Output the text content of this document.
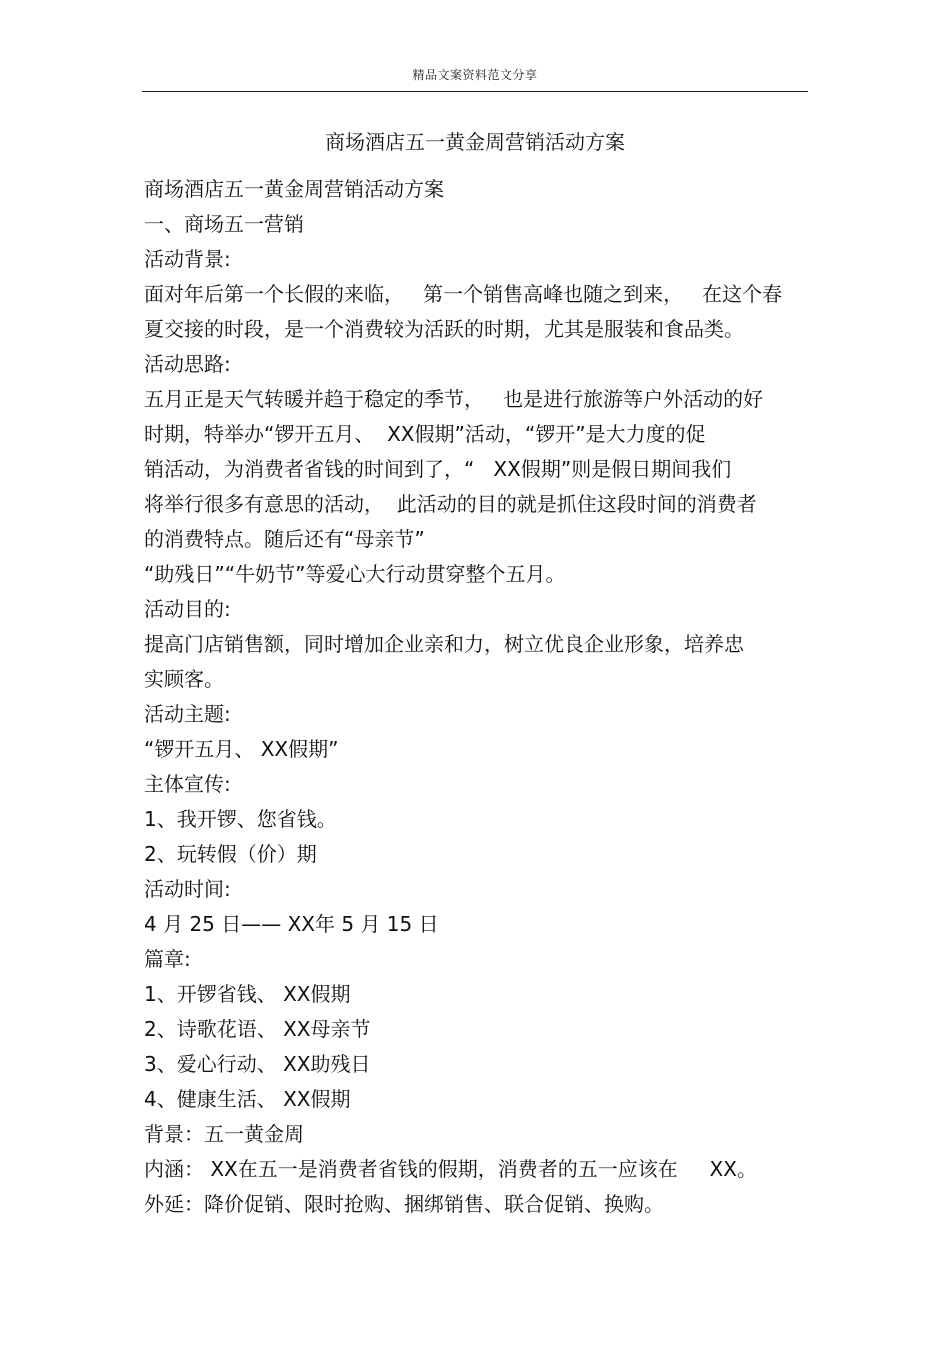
精品文案资料范文分享
商场酒店五一黄金周营销活动方案
商场酒店五一黄金周营销活动方案
一、商场五一营销
活动背景:
面对年后第一个长假的来临，   第一个销售高峰也随之到来，   在这个春
夏交接的时段，是一个消费较为活跃的时期，尤其是服装和食品类。
活动思路:
五月正是天气转暖并趋于稳定的季节，   也是进行旅游等户外活动的好
时期，特举办“锣开五月、  XX假期”活动，“锣开”是大力度的促
销活动，为消费者省钱的时间到了，“   XX假期”则是假日期间我们
将举行很多有意思的活动，  此活动的目的就是抓住这段时间的消费者
的消费特点。随后还有“母亲节”
“助残日”“牛奶节”等爱心大行动贯穿整个五月。
活动目的:
提高门店销售额，同时增加企业亲和力，树立优良企业形象，培养忠
实顾客。
活动主题:
“锣开五月、 XX假期”
主体宣传:
1、我开锣、您省钱。
2、玩转假（价）期
活动时间:
4 月 25 日—— XX年 5 月 15 日
篇章:
1、开锣省钱、 XX假期
2、诗歌花语、 XX母亲节
3、爱心行动、 XX助残日
4、健康生活、 XX假期
背景：五一黄金周
内涵： XX在五一是消费者省钱的假期，消费者的五一应该在     XX。
外延：降价促销、限时抢购、捆绑销售、联合促销、换购。
